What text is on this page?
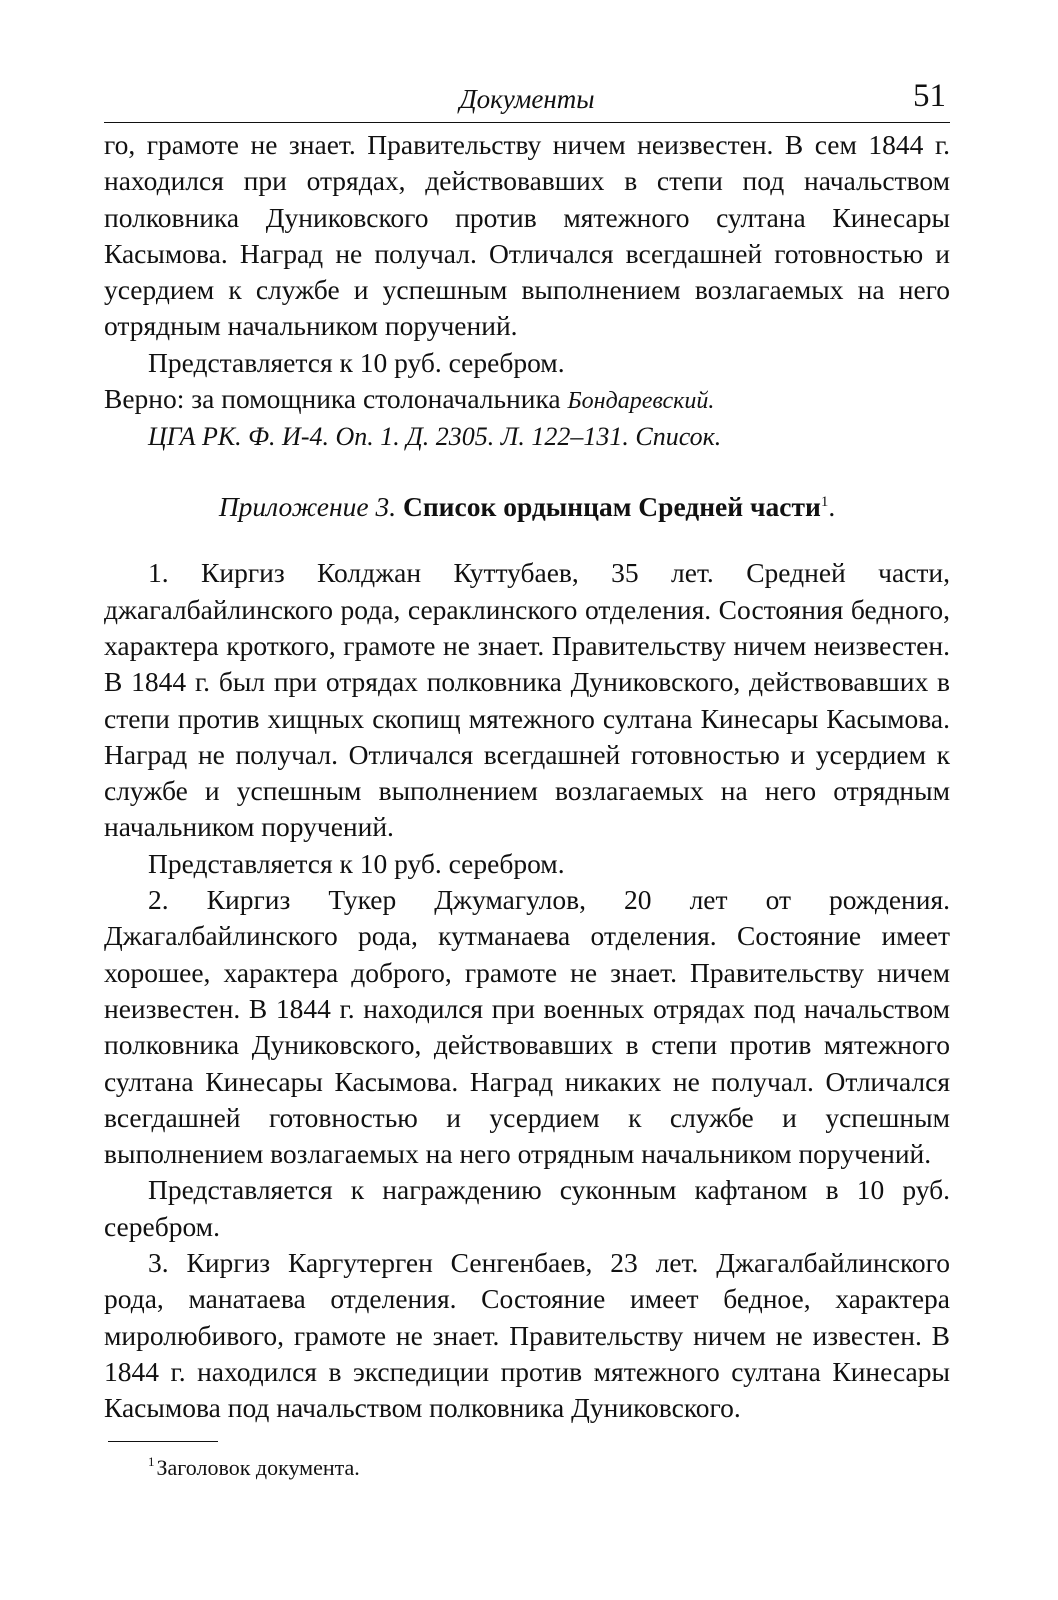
Документы	51

го, грамоте не знает. Правительству ничем неизвестен. В сем 1844 г. находился при отрядах, действовавших в степи под начальством полковника Дуниковского против мятежного султана Кинесары Касымова. Наград не получал. Отличался всегдашней готовностью и усердием к службе и успешным выполнением возлагаемых на него отрядным начальником поручений.

Представляется к 10 руб. серебром.

Верно: за помощника столоначальника Бондаревский.

ЦГА РК. Ф. И-4. Оп. 1. Д. 2305. Л. 122–131. Список.

Приложение 3. Список ордынцам Средней части$^1$.

1. Киргиз Колджан Куттубаев, 35 лет. Средней части, джагалбайлинского рода, сераклинского отделения. Состояния бедного, характера кроткого, грамоте не знает. Правительству ничем неизвестен. В 1844 г. был при отрядах полковника Дуниковского, действовавших в степи против хищных скопищ мятежного султана Кинесары Касымова. Наград не получал. Отличался всегдашней готовностью и усердием к службе и успешным выполнением возлагаемых на него отрядным начальником поручений.

Представляется к 10 руб. серебром.

2. Киргиз Тукер Джумагулов, 20 лет от рождения. Джагалбайлинского рода, кутманаева отделения. Состояние имеет хорошее, характера доброго, грамоте не знает. Правительству ничем неизвестен. В 1844 г. находился при военных отрядах под начальством полковника Дуниковского, действовавших в степи против мятежного султана Кинесары Касымова. Наград никаких не получал. Отличался всегдашней готовностью и усердием к службе и успешным выполнением возлагаемых на него отрядным начальником поручений.

Представляется к награждению суконным кафтаном в 10 руб. серебром.

3. Киргиз Каргутерген Сенгенбаев, 23 лет. Джагалбайлинского рода, манатаева отделения. Состояние имеет бедное, характера миролюбивого, грамоте не знает. Правительству ничем не известен. В 1844 г. находился в экспедиции против мятежного султана Кинесары Касымова под начальством полковника Дуниковского.

$^1$Заголовок документа.
